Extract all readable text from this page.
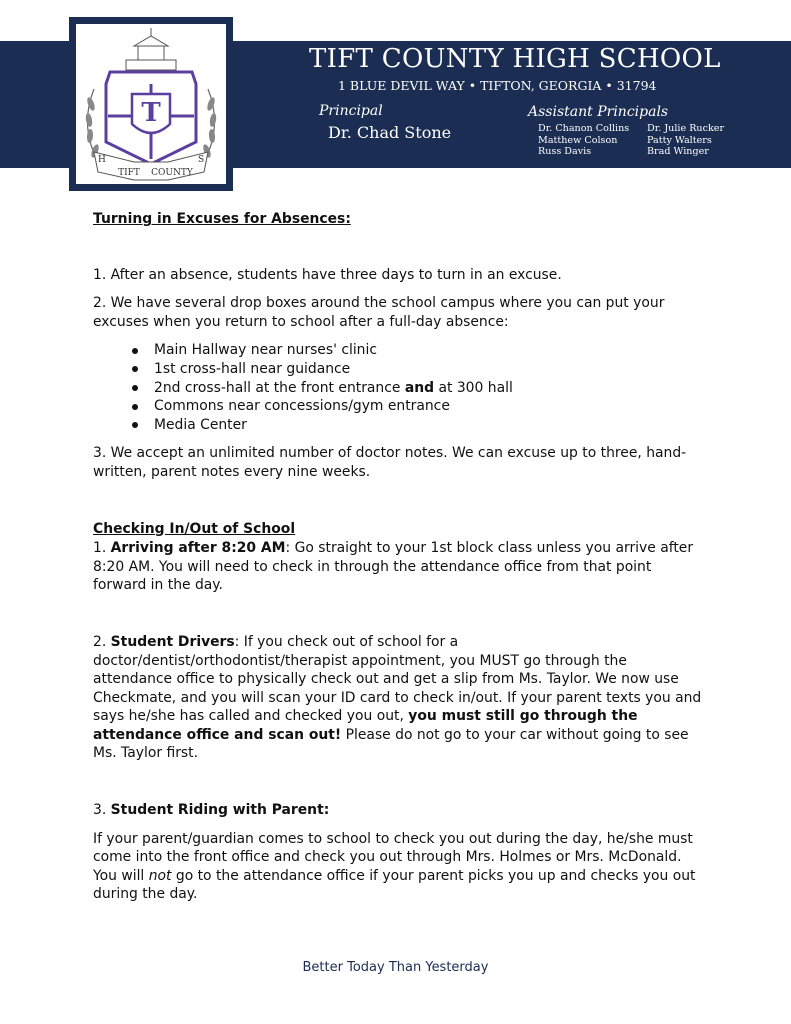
T
H	S
TIFT COUNTY
TIFT COUNTY HIGH SCHOOL
1 BLUE DEVIL WAY • TIFTON, GEORGIA • 31794
Principal
Dr. Chad Stone
Assistant Principals
Dr. Chanon Collins
Matthew Colson
Russ Davis
Dr. Julie Rucker
Patty Walters
Brad Winger

Turning in Excuses for Absences:

1. After an absence, students have three days to turn in an excuse.

2. We have several drop boxes around the school campus where you can put your excuses when you return to school after a full-day absence:

Main Hallway near nurses' clinic
1st cross-hall near guidance
2nd cross-hall at the front entrance and at 300 hall
Commons near concessions/gym entrance
Media Center

3. We accept an unlimited number of doctor notes. We can excuse up to three, hand-written, parent notes every nine weeks.

Checking In/Out of School

1. Arriving after 8:20 AM: Go straight to your 1st block class unless you arrive after 8:20 AM. You will need to check in through the attendance office from that point forward in the day.

2. Student Drivers: If you check out of school for a doctor/dentist/orthodontist/therapist appointment, you MUST go through the attendance office to physically check out and get a slip from Ms. Taylor. We now use Checkmate, and you will scan your ID card to check in/out. If your parent texts you and says he/she has called and checked you out, you must still go through the attendance office and scan out! Please do not go to your car without going to see Ms. Taylor first.

3. Student Riding with Parent:

If your parent/guardian comes to school to check you out during the day, he/she must come into the front office and check you out through Mrs. Holmes or Mrs. McDonald. You will not go to the attendance office if your parent picks you up and checks you out during the day.

Better Today Than Yesterday
